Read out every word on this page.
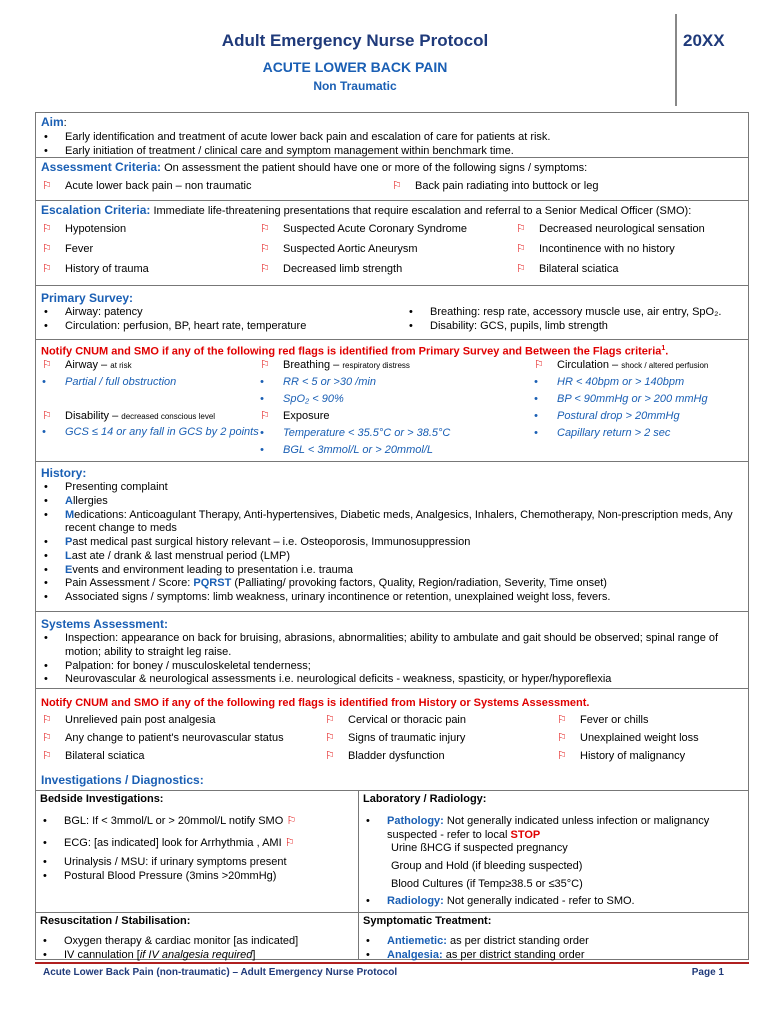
Adult Emergency Nurse Protocol
ACUTE LOWER BACK PAIN
Non Traumatic
20XX
Aim:
• Early identification and treatment of acute lower back pain and escalation of care for patients at risk.
• Early initiation of treatment / clinical care and symptom management within benchmark time.
Assessment Criteria: On assessment the patient should have one or more of the following signs / symptoms:
⚐ Acute lower back pain – non traumatic	⚐ Back pain radiating into buttock or leg
Escalation Criteria: Immediate life-threatening presentations that require escalation and referral to a Senior Medical Officer (SMO):
⚐ Hypotension	⚐ Suspected Acute Coronary Syndrome	⚐ Decreased neurological sensation
⚐ Fever	⚐ Suspected Aortic Aneurysm	⚐ Incontinence with no history
⚐ History of trauma	⚐ Decreased limb strength	⚐ Bilateral sciatica
Primary Survey:
• Airway: patency
• Circulation: perfusion, BP, heart rate, temperature
• Breathing: resp rate, accessory muscle use, air entry, SpO₂.
• Disability: GCS, pupils, limb strength
Notify CNUM and SMO if any of the following red flags is identified from Primary Survey and Between the Flags criteria$^1$.
⚐ Airway – at risk
• Partial / full obstruction
⚐ Disability – decreased conscious level
• GCS ≤ 14 or any fall in GCS by 2 points
⚐ Breathing – respiratory distress
• RR < 5 or >30 /min
• SpO₂ < 90%
⚐ Exposure
• Temperature < 35.5°C or > 38.5°C
• BGL < 3mmol/L or > 20mmol/L
⚐ Circulation – shock / altered perfusion
• HR < 40bpm or > 140bpm
• BP < 90mmHg or > 200 mmHg
• Postural drop > 20mmHg
• Capillary return > 2 sec
History:
• Presenting complaint
• Allergies
• Medications: Anticoagulant Therapy, Anti-hypertensives, Diabetic meds, Analgesics, Inhalers, Chemotherapy, Non-prescription meds, Any recent change to meds
• Past medical past surgical history relevant – i.e. Osteoporosis, Immunosuppression
• Last ate / drank & last menstrual period (LMP)
• Events and environment leading to presentation i.e. trauma
• Pain Assessment / Score: PQRST (Palliating/ provoking factors, Quality, Region/radiation, Severity, Time onset)
• Associated signs / symptoms: limb weakness, urinary incontinence or retention, unexplained weight loss, fevers.
Systems Assessment:
• Inspection: appearance on back for bruising, abrasions, abnormalities; ability to ambulate and gait should be observed; spinal range of motion; ability to straight leg raise.
• Palpation: for boney / musculoskeletal tenderness;
• Neurovascular & neurological assessments i.e. neurological deficits - weakness, spasticity, or hyper/hyporeflexia
Notify CNUM and SMO if any of the following red flags is identified from History or Systems Assessment.
⚐ Unrelieved pain post analgesia	⚐ Cervical or thoracic pain	⚐ Fever or chills
⚐ Any change to patient's neurovascular status	⚐ Signs of traumatic injury	⚐ Unexplained weight loss
⚐ Bilateral sciatica	⚐ Bladder dysfunction	⚐ History of malignancy
Investigations / Diagnostics:
Bedside Investigations:
• BGL: If < 3mmol/L or > 20mmol/L notify SMO ⚐
• ECG: [as indicated] look for Arrhythmia , AMI ⚐
• Urinalysis / MSU: if urinary symptoms present
• Postural Blood Pressure (3mins >20mmHg)
Laboratory / Radiology:
• Pathology: Not generally indicated unless infection or malignancy suspected - refer to local STOP
Urine ßHCG if suspected pregnancy
Group and Hold (if bleeding suspected)
Blood Cultures (if Temp≥38.5 or ≤35°C)
• Radiology: Not generally indicated - refer to SMO.
Resuscitation / Stabilisation:
• Oxygen therapy & cardiac monitor [as indicated]
• IV cannulation [if IV analgesia required]
Symptomatic Treatment:
• Antiemetic: as per district standing order
• Analgesia: as per district standing order
Acute Lower Back Pain (non-traumatic) – Adult Emergency Nurse Protocol	Page 1
